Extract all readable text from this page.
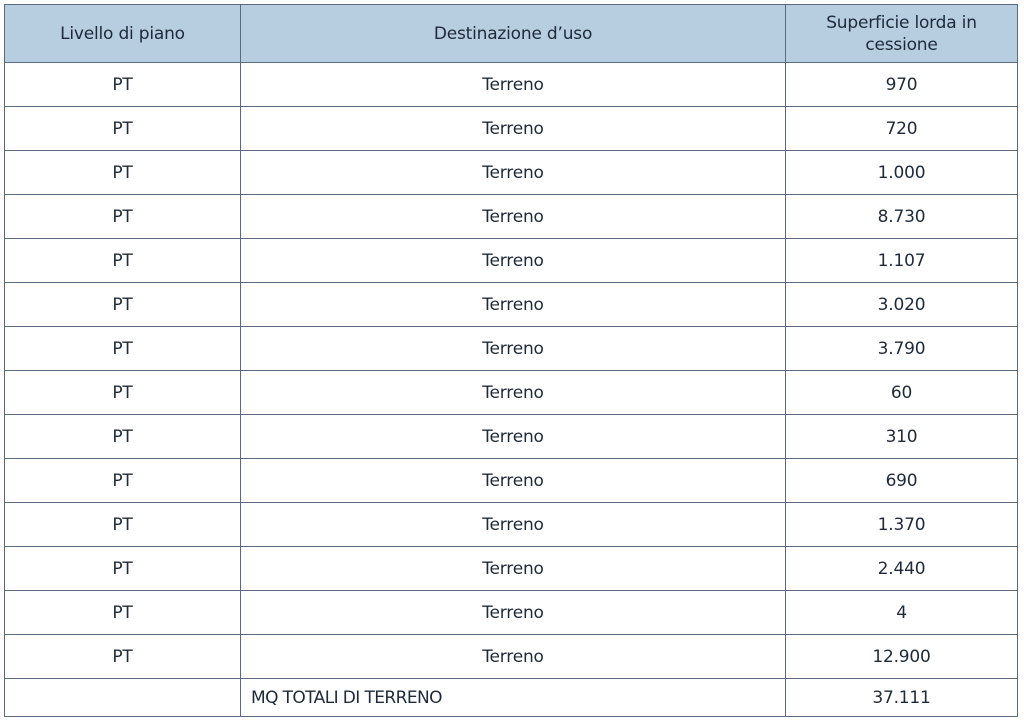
Livello di piano	Destinazione d’uso	Superficie lorda in cessione
PT	Terreno	970
PT	Terreno	720
PT	Terreno	1.000
PT	Terreno	8.730
PT	Terreno	1.107
PT	Terreno	3.020
PT	Terreno	3.790
PT	Terreno	60
PT	Terreno	310
PT	Terreno	690
PT	Terreno	1.370
PT	Terreno	2.440
PT	Terreno	4
PT	Terreno	12.900
	MQ TOTALI DI TERRENO	37.111
